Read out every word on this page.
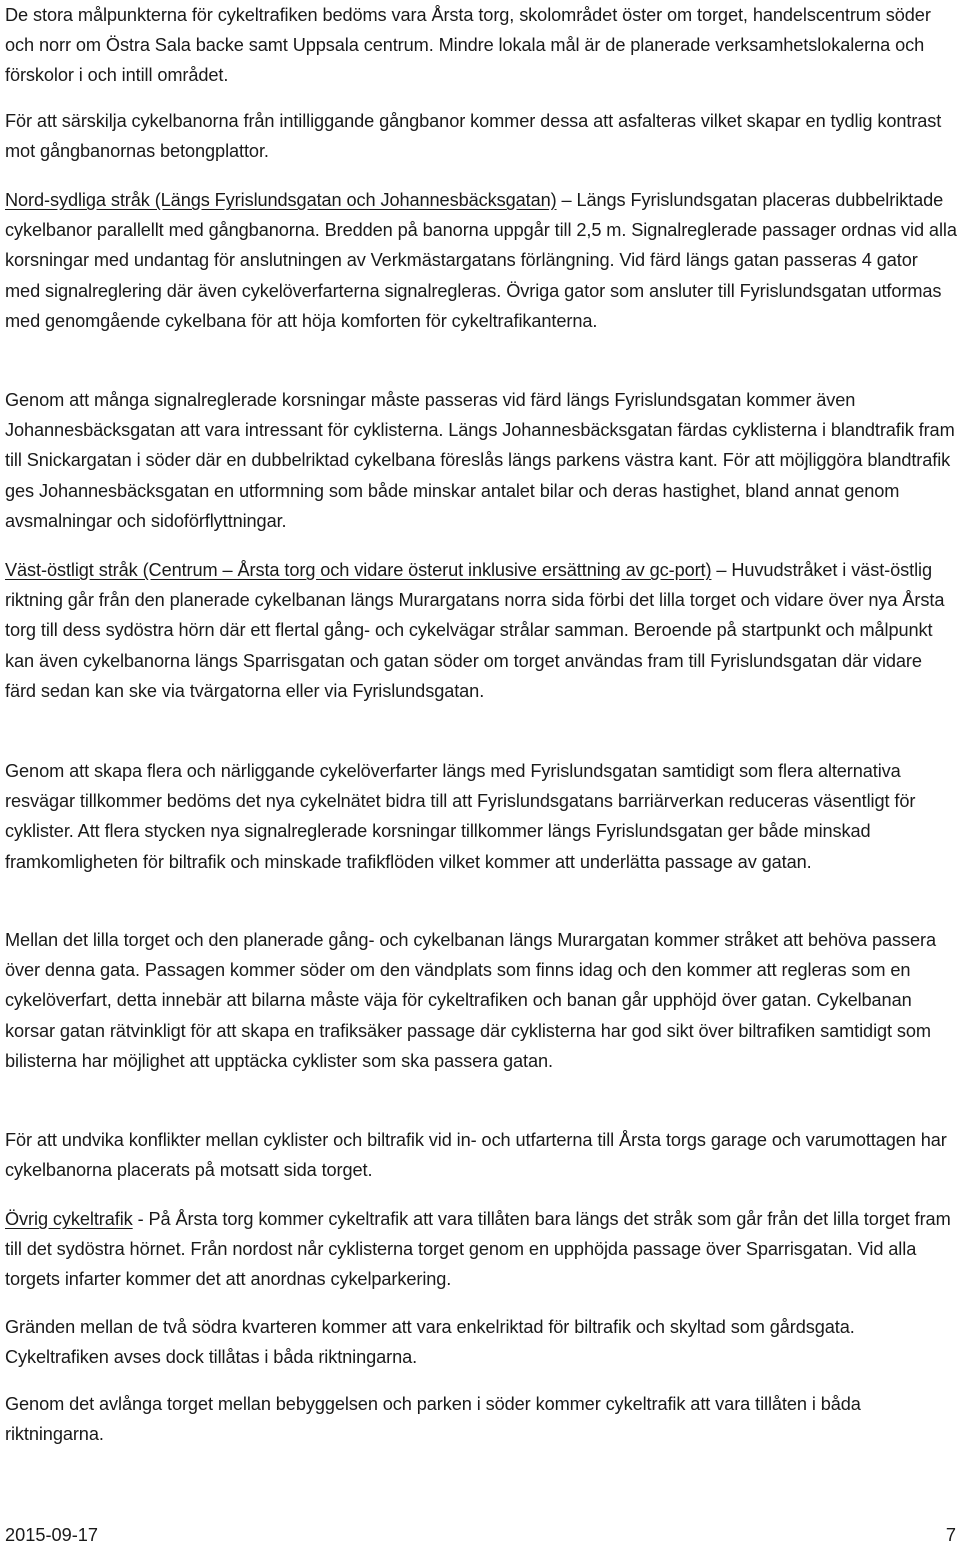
De stora målpunkterna för cykeltrafiken bedöms vara Årsta torg, skolområdet öster om torget, handelscentrum söder och norr om Östra Sala backe samt Uppsala centrum. Mindre lokala mål är de planerade verksamhetslokalerna och förskolor i och intill området.

För att särskilja cykelbanorna från intilliggande gångbanor kommer dessa att asfalteras vilket skapar en tydlig kontrast mot gångbanornas betongplattor.

Nord-sydliga stråk (Längs Fyrislundsgatan och Johannesbäcksgatan) – Längs Fyrislundsgatan placeras dubbelriktade cykelbanor parallellt med gångbanorna. Bredden på banorna uppgår till 2,5 m. Signalreglerade passager ordnas vid alla korsningar med undantag för anslutningen av Verkmästargatans förlängning. Vid färd längs gatan passeras 4 gator med signalreglering där även cykelöverfarterna signalregleras. Övriga gator som ansluter till Fyrislundsgatan utformas med genomgående cykelbana för att höja komforten för cykeltrafikanterna.

Genom att många signalreglerade korsningar måste passeras vid färd längs Fyrislundsgatan kommer även Johannesbäcksgatan att vara intressant för cyklisterna. Längs Johannesbäcksgatan färdas cyklisterna i blandtrafik fram till Snickargatan i söder där en dubbelriktad cykelbana föreslås längs parkens västra kant. För att möjliggöra blandtrafik ges Johannesbäcksgatan en utformning som både minskar antalet bilar och deras hastighet, bland annat genom avsmalningar och sidoförflyttningar.

Väst-östligt stråk (Centrum – Årsta torg och vidare österut inklusive ersättning av gc-port) – Huvudstråket i väst-östlig riktning går från den planerade cykelbanan längs Murargatans norra sida förbi det lilla torget och vidare över nya Årsta torg till dess sydöstra hörn där ett flertal gång- och cykelvägar strålar samman. Beroende på startpunkt och målpunkt kan även cykelbanorna längs Sparrisgatan och gatan söder om torget användas fram till Fyrislundsgatan där vidare färd sedan kan ske via tvärgatorna eller via Fyrislundsgatan.

Genom att skapa flera och närliggande cykelöverfarter längs med Fyrislundsgatan samtidigt som flera alternativa resvägar tillkommer bedöms det nya cykelnätet bidra till att Fyrislundsgatans barriärverkan reduceras väsentligt för cyklister. Att flera stycken nya signalreglerade korsningar tillkommer längs Fyrislundsgatan ger både minskad framkomligheten för biltrafik och minskade trafikflöden vilket kommer att underlätta passage av gatan.

Mellan det lilla torget och den planerade gång- och cykelbanan längs Murargatan kommer stråket att behöva passera över denna gata. Passagen kommer söder om den vändplats som finns idag och den kommer att regleras som en cykelöverfart, detta innebär att bilarna måste väja för cykeltrafiken och banan går upphöjd över gatan. Cykelbanan korsar gatan rätvinkligt för att skapa en trafiksäker passage där cyklisterna har god sikt över biltrafiken samtidigt som bilisterna har möjlighet att upptäcka cyklister som ska passera gatan.

För att undvika konflikter mellan cyklister och biltrafik vid in- och utfarterna till Årsta torgs garage och varumottagen har cykelbanorna placerats på motsatt sida torget.

Övrig cykeltrafik - På Årsta torg kommer cykeltrafik att vara tillåten bara längs det stråk som går från det lilla torget fram till det sydöstra hörnet. Från nordost når cyklisterna torget genom en upphöjda passage över Sparrisgatan. Vid alla torgets infarter kommer det att anordnas cykelparkering.

Gränden mellan de två södra kvarteren kommer att vara enkelriktad för biltrafik och skyltad som gårdsgata. Cykeltrafiken avses dock tillåtas i båda riktningarna.

Genom det avlånga torget mellan bebyggelsen och parken i söder kommer cykeltrafik att vara tillåten i båda riktningarna.

2015-09-17	7
